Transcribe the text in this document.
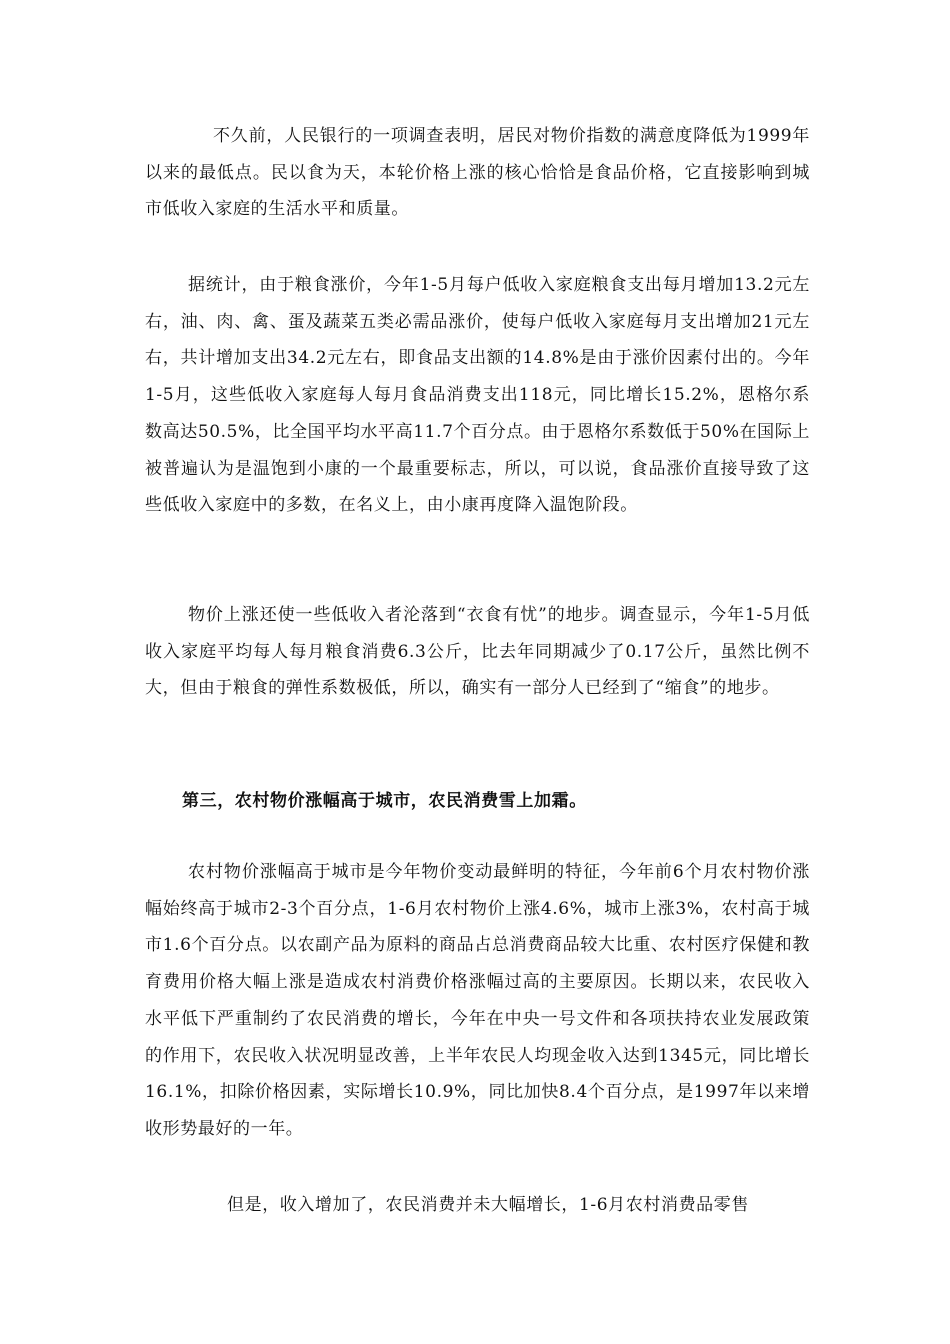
不久前，人民银行的一项调查表明，居民对物价指数的满意度降低为1999年以来的最低点。民以食为天，本轮价格上涨的核心恰恰是食品价格，它直接影响到城市低收入家庭的生活水平和质量。

据统计，由于粮食涨价，今年1-5月每户低收入家庭粮食支出每月增加13.2元左右，油、肉、禽、蛋及蔬菜五类必需品涨价，使每户低收入家庭每月支出增加21元左右，共计增加支出34.2元左右，即食品支出额的14.8%是由于涨价因素付出的。今年1-5月，这些低收入家庭每人每月食品消费支出118元，同比增长15.2%，恩格尔系数高达50.5%，比全国平均水平高11.7个百分点。由于恩格尔系数低于50%在国际上被普遍认为是温饱到小康的一个最重要标志，所以，可以说，食品涨价直接导致了这些低收入家庭中的多数，在名义上，由小康再度降入温饱阶段。

物价上涨还使一些低收入者沦落到“衣食有忧”的地步。调查显示，今年1-5月低收入家庭平均每人每月粮食消费6.3公斤，比去年同期减少了0.17公斤，虽然比例不大，但由于粮食的弹性系数极低，所以，确实有一部分人已经到了“缩食”的地步。

第三，农村物价涨幅高于城市，农民消费雪上加霜。

农村物价涨幅高于城市是今年物价变动最鲜明的特征，今年前6个月农村物价涨幅始终高于城市2-3个百分点，1-6月农村物价上涨4.6%，城市上涨3%，农村高于城市1.6个百分点。以农副产品为原料的商品占总消费商品较大比重、农村医疗保健和教育费用价格大幅上涨是造成农村消费价格涨幅过高的主要原因。长期以来，农民收入水平低下严重制约了农民消费的增长，今年在中央一号文件和各项扶持农业发展政策的作用下，农民收入状况明显改善，上半年农民人均现金收入达到1345元，同比增长16.1%，扣除价格因素，实际增长10.9%，同比加快8.4个百分点，是1997年以来增收形势最好的一年。

但是，收入增加了，农民消费并未大幅增长，1-6月农村消费品零售
